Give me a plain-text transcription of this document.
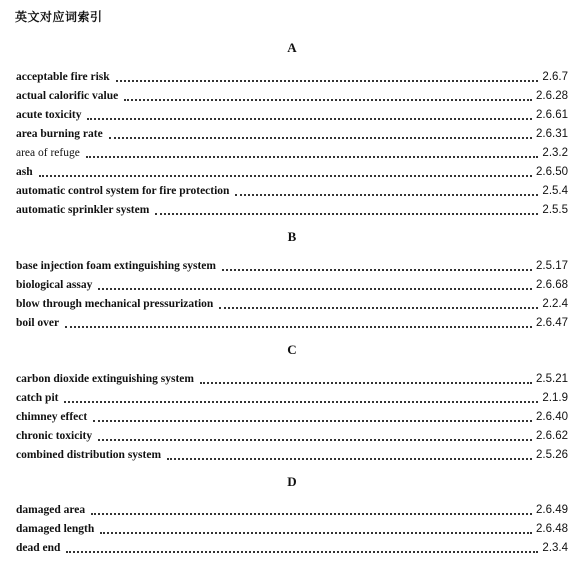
英文对应词索引
A
acceptable fire risk	2.6.7
actual calorific value	2.6.28
acute toxicity	2.6.61
area burning rate	2.6.31
area of refuge	2.3.2
ash	2.6.50
automatic control system for fire protection	2.5.4
automatic sprinkler system	2.5.5
B
base injection foam extinguishing system	2.5.17
biological assay	2.6.68
blow through mechanical pressurization	2.2.4
boil over	2.6.47
C
carbon dioxide extinguishing system	2.5.21
catch pit	2.1.9
chimney effect	2.6.40
chronic toxicity	2.6.62
combined distribution system	2.5.26
D
damaged area	2.6.49
damaged length	2.6.48
dead end	2.3.4
